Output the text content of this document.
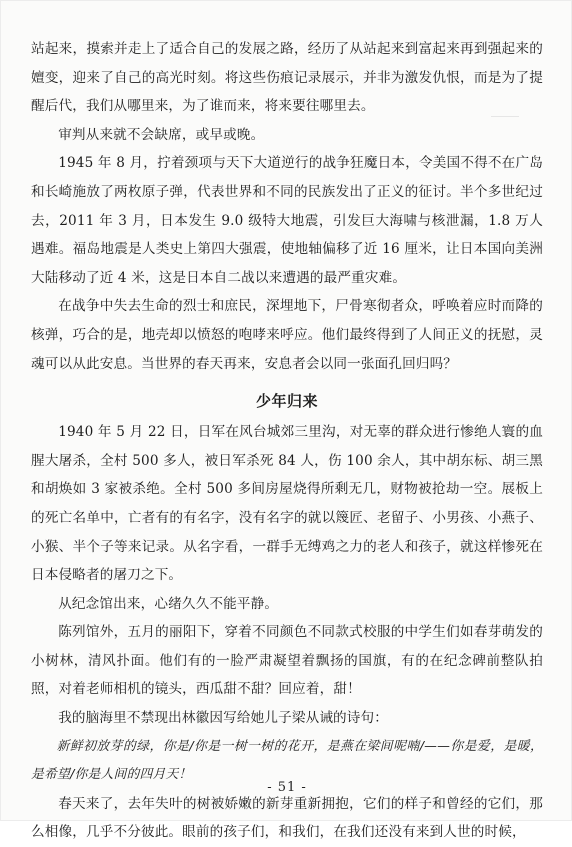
站起来，摸索并走上了适合自己的发展之路，经历了从站起来到富起来再到强起来的嬗变，迎来了自己的高光时刻。将这些伤痕记录展示，并非为激发仇恨，而是为了提醒后代，我们从哪里来，为了谁而来，将来要往哪里去。

审判从来就不会缺席，或早或晚。

1945 年 8 月，拧着颈项与天下大道逆行的战争狂魔日本，令美国不得不在广岛和长崎施放了两枚原子弹，代表世界和不同的民族发出了正义的征讨。半个多世纪过去，2011 年 3 月，日本发生 9.0 级特大地震，引发巨大海啸与核泄漏，1.8 万人遇难。福岛地震是人类史上第四大强震，使地轴偏移了近 16 厘米，让日本国向美洲大陆移动了近 4 米，这是日本自二战以来遭遇的最严重灾难。

在战争中失去生命的烈士和庶民，深埋地下，尸骨寒彻者众，呼唤着应时而降的核弹，巧合的是，地壳却以愤怒的咆哮来呼应。他们最终得到了人间正义的抚慰，灵魂可以从此安息。当世界的春天再来，安息者会以同一张面孔回归吗？

少年归来

1940 年 5 月 22 日，日军在风台城郊三里沟，对无辜的群众进行惨绝人寰的血腥大屠杀，全村 500 多人，被日军杀死 84 人，伤 100 余人，其中胡东标、胡三黑和胡焕如 3 家被杀绝。全村 500 多间房屋烧得所剩无几，财物被抢劫一空。展板上的死亡名单中，亡者有的有名字，没有名字的就以篾匠、老留子、小男孩、小燕子、小猴、半个子等来记录。从名字看，一群手无缚鸡之力的老人和孩子，就这样惨死在日本侵略者的屠刀之下。

从纪念馆出来，心绪久久不能平静。

陈列馆外，五月的丽阳下，穿着不同颜色不同款式校服的中学生们如春芽萌发的小树林，清风扑面。他们有的一脸严肃凝望着飘扬的国旗，有的在纪念碑前整队拍照，对着老师相机的镜头，西瓜甜不甜？回应着，甜！

我的脑海里不禁现出林徽因写给她儿子梁从诫的诗句：

新鲜初放芽的绿，你是/你是一树一树的花开，是燕在梁间呢喃/——你是爱，是暖，是希望/你是人间的四月天！

春天来了，去年失叶的树被娇嫩的新芽重新拥抱，它们的样子和曾经的它们，那么相像，几乎不分彼此。眼前的孩子们，和我们，在我们还没有来到人世的时候，

- 51 -
